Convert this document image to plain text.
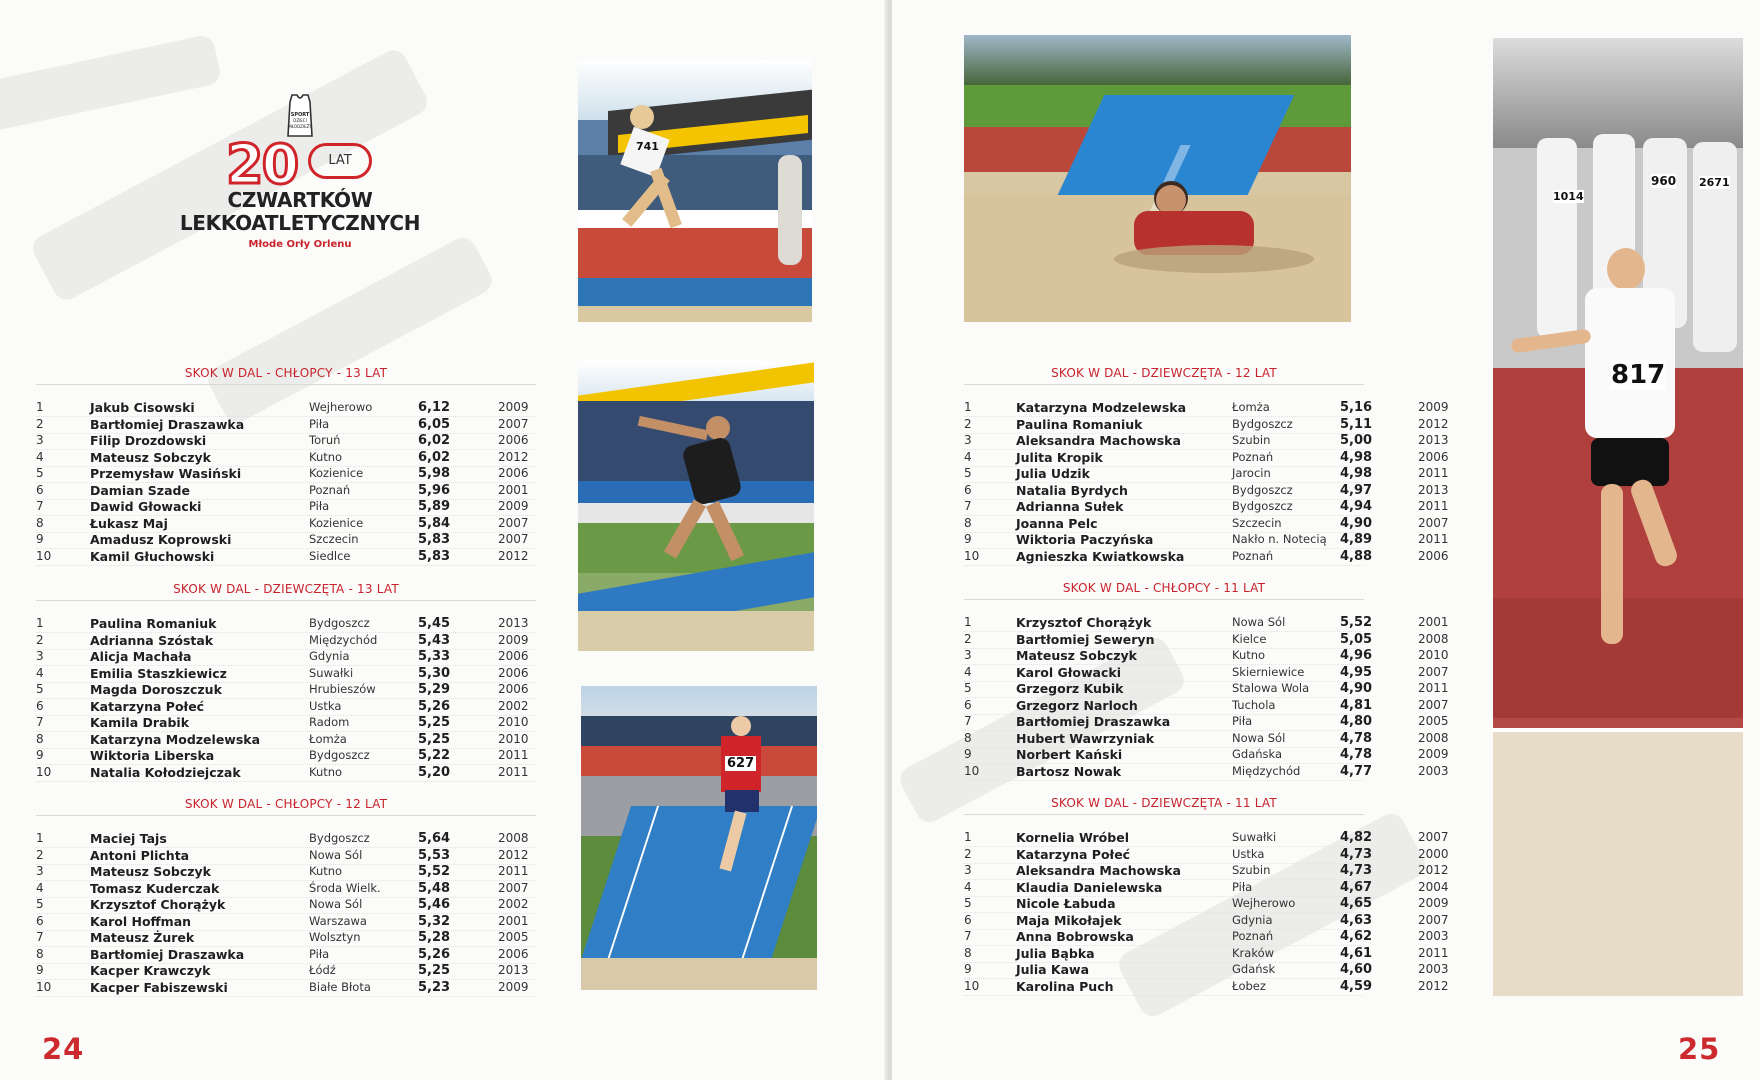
SPORT
DZIECI
MŁODZIEŻY
20	LAT
CZWARTKÓW
LEKKOATLETYCZNYCH
Młode Orły Orlenu
741
627
SKOK W DAL - CHŁOPCY - 13 LAT
1	Jakub Cisowski	Wejherowo	6,12	2009
2	Bartłomiej Draszawka	Piła	6,05	2007
3	Filip Drozdowski	Toruń	6,02	2006
4	Mateusz Sobczyk	Kutno	6,02	2012
5	Przemysław Wasiński	Kozienice	5,98	2006
6	Damian Szade	Poznań	5,96	2001
7	Dawid Głowacki	Piła	5,89	2009
8	Łukasz Maj	Kozienice	5,84	2007
9	Amadusz Koprowski	Szczecin	5,83	2007
10	Kamil Głuchowski	Siedlce	5,83	2012
SKOK W DAL - DZIEWCZĘTA - 13 LAT
1	Paulina Romaniuk	Bydgoszcz	5,45	2013
2	Adrianna Szóstak	Międzychód	5,43	2009
3	Alicja Machała	Gdynia	5,33	2006
4	Emilia Staszkiewicz	Suwałki	5,30	2006
5	Magda Doroszczuk	Hrubieszów	5,29	2006
6	Katarzyna Połeć	Ustka	5,26	2002
7	Kamila Drabik	Radom	5,25	2010
8	Katarzyna Modzelewska	Łomża	5,25	2010
9	Wiktoria Liberska	Bydgoszcz	5,22	2011
10	Natalia Kołodziejczak	Kutno	5,20	2011
SKOK W DAL - CHŁOPCY - 12 LAT
1	Maciej Tajs	Bydgoszcz	5,64	2008
2	Antoni Plichta	Nowa Sól	5,53	2012
3	Mateusz Sobczyk	Kutno	5,52	2011
4	Tomasz Kuderczak	Środa Wielk.	5,48	2007
5	Krzysztof Chorążyk	Nowa Sól	5,46	2002
6	Karol Hoffman	Warszawa	5,32	2001
7	Mateusz Żurek	Wolsztyn	5,28	2005
8	Bartłomiej Draszawka	Piła	5,26	2006
9	Kacper Krawczyk	Łódź	5,25	2013
10	Kacper Fabiszewski	Białe Błota	5,23	2009
24
1014
960 2671
817
SKOK W DAL - DZIEWCZĘTA - 12 LAT
1	Katarzyna Modzelewska	Łomża	5,16	2009
2	Paulina Romaniuk	Bydgoszcz	5,11	2012
3	Aleksandra Machowska	Szubin	5,00	2013
4	Julita Kropik	Poznań	4,98	2006
5	Julia Udzik	Jarocin	4,98	2011
6	Natalia Byrdych	Bydgoszcz	4,97	2013
7	Adrianna Sułek	Bydgoszcz	4,94	2011
8	Joanna Pelc	Szczecin	4,90	2007
9	Wiktoria Paczyńska	Nakło n. Notecią 4,89	2011
10	Agnieszka Kwiatkowska	Poznań	4,88	2006
SKOK W DAL - CHŁOPCY - 11 LAT
1	Krzysztof Chorążyk	Nowa Sól	5,52	2001
2	Bartłomiej Seweryn	Kielce	5,05	2008
3	Mateusz Sobczyk	Kutno	4,96	2010
4	Karol Głowacki	Skierniewice	4,95	2007
5	Grzegorz Kubik	Stalowa Wola 4,90	2011
6	Grzegorz Narloch	Tuchola	4,81	2007
7	Bartłomiej Draszawka	Piła	4,80	2005
8	Hubert Wawrzyniak	Nowa Sól	4,78	2008
9	Norbert Kański	Gdańska	4,78	2009
10	Bartosz Nowak	Międzychód	4,77	2003
SKOK W DAL - DZIEWCZĘTA - 11 LAT
1	Kornelia Wróbel	Suwałki	4,82	2007
2	Katarzyna Połeć	Ustka	4,73	2000
3	Aleksandra Machowska	Szubin	4,73	2012
4	Klaudia Danielewska	Piła	4,67	2004
5	Nicole Łabuda	Wejherowo	4,65	2009
6	Maja Mikołajek	Gdynia	4,63	2007
7	Anna Bobrowska	Poznań	4,62	2003
8	Julia Bąbka	Kraków	4,61	2011
9	Julia Kawa	Gdańsk	4,60	2003
10	Karolina Puch	Łobez	4,59	2012
25
